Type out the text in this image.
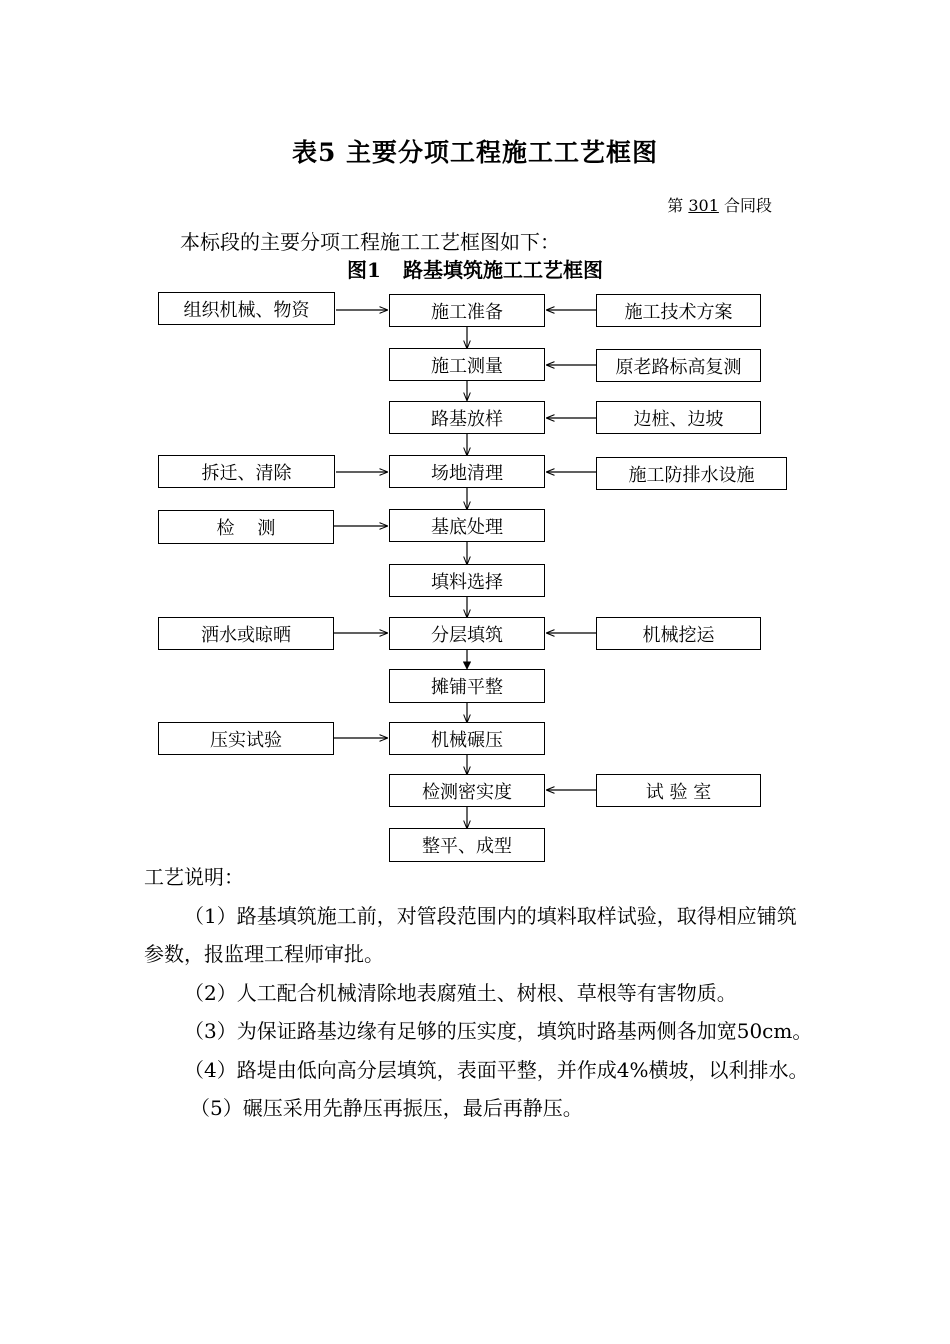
表5 主要分项工程施工工艺框图
第 301 合同段
本标段的主要分项工程施工工艺框图如下：
图1 路基填筑施工工艺框图
施工准备
施工测量
路基放样
场地清理
基底处理
填料选择
分层填筑
摊铺平整
机械碾压
检测密实度
整平、成型
组织机械、物资
拆迁、清除
检    测
洒水或晾晒
压实试验
施工技术方案
原老路标高复测
边桩、边坡
施工防排水设施
机械挖运
试 验 室

工艺说明：

（1）路基填筑施工前，对管段范围内的填料取样试验，取得相应铺筑参数，报监理工程师审批。

（2）人工配合机械清除地表腐殖土、树根、草根等有害物质。

（3）为保证路基边缘有足够的压实度，填筑时路基两侧各加宽50cm。

（4）路堤由低向高分层填筑，表面平整，并作成4%横坡，以利排水。

（5）碾压采用先静压再振压，最后再静压。
